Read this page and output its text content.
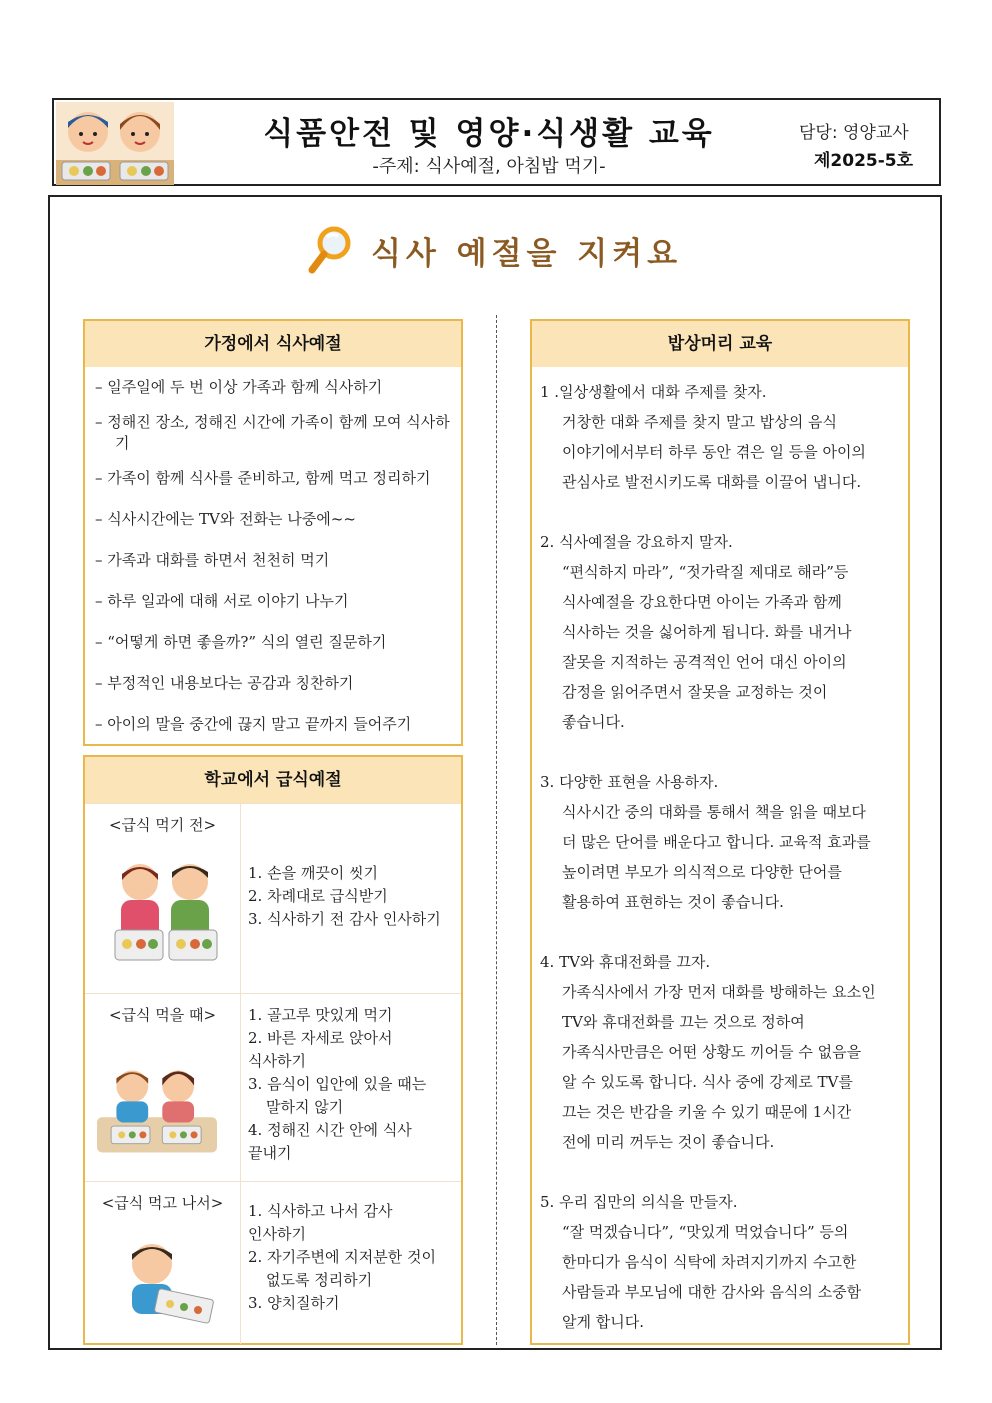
식품안전 및 영양·식생활 교육
-주제: 식사예절, 아침밥 먹기-
담당: 영양교사
제2025-5호
식사 예절을 지켜요
가정에서 식사예절
– 일주일에 두 번 이상 가족과 함께 식사하기
– 정해진 장소, 정해진 시간에 가족이 함께 모여 식사하기
– 가족이 함께 식사를 준비하고, 함께 먹고 정리하기
– 식사시간에는 TV와 전화는 나중에~~
– 가족과 대화를 하면서 천천히 먹기
– 하루 일과에 대해 서로 이야기 나누기
– “어떻게 하면 좋을까?” 식의 열린 질문하기
– 부정적인 내용보다는 공감과 칭찬하기
– 아이의 말을 중간에 끊지 말고 끝까지 들어주기
학교에서 급식예절
<급식 먹기 전>
1. 손을 깨끗이 씻기
2. 차례대로 급식받기
3. 식사하기 전 감사 인사하기
<급식 먹을 때>	1. 골고루 맛있게 먹기
2. 바른 자세로 앉아서
식사하기
3. 음식이 입안에 있을 때는
말하지 않기
4. 정해진 시간 안에 식사
끝내기
<급식 먹고 나서>	1. 식사하고 나서 감사
인사하기
2. 자기주변에 지저분한 것이
없도록 정리하기
3. 양치질하기
밥상머리 교육
1 .일상생활에서 대화 주제를 찾자.
거창한 대화 주제를 찾지 말고 밥상의 음식
이야기에서부터 하루 동안 겪은 일 등을 아이의
관심사로 발전시키도록 대화를 이끌어 냅니다.
2. 식사예절을 강요하지 말자.
“편식하지 마라”, “젓가락질 제대로 해라”등
식사예절을 강요한다면 아이는 가족과 함께
식사하는 것을 싫어하게 됩니다. 화를 내거나
잘못을 지적하는 공격적인 언어 대신 아이의
감정을 읽어주면서 잘못을 교정하는 것이
좋습니다.
3. 다양한 표현을 사용하자.
식사시간 중의 대화를 통해서 책을 읽을 때보다
더 많은 단어를 배운다고 합니다. 교육적 효과를
높이려면 부모가 의식적으로 다양한 단어를
활용하여 표현하는 것이 좋습니다.
4. TV와 휴대전화를 끄자.
가족식사에서 가장 먼저 대화를 방해하는 요소인
TV와 휴대전화를 끄는 것으로 정하여
가족식사만큼은 어떤 상황도 끼어들 수 없음을
알 수 있도록 합니다. 식사 중에 강제로 TV를
끄는 것은 반감을 키울 수 있기 때문에 1시간
전에 미리 꺼두는 것이 좋습니다.
5. 우리 집만의 의식을 만들자.
“잘 먹겠습니다”, “맛있게 먹었습니다” 등의
한마디가 음식이 식탁에 차려지기까지 수고한
사람들과 부모님에 대한 감사와 음식의 소중함
알게 합니다.
